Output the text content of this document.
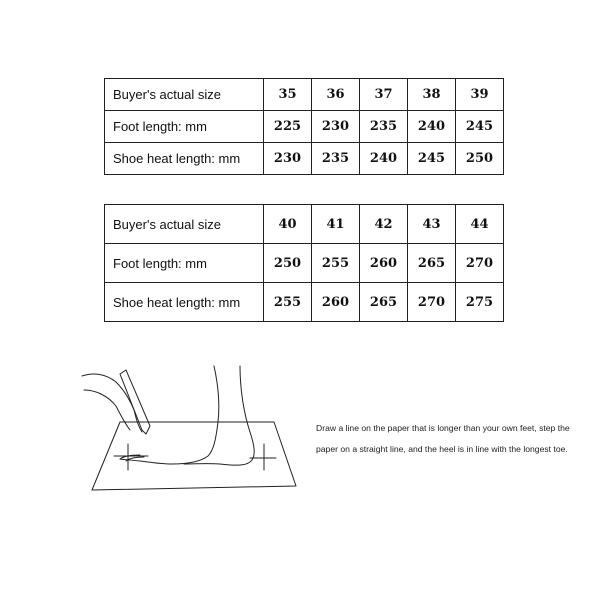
Buyer's actual size	35	36	37	38	39
Foot length: mm	225	230	235	240	245
Shoe heat length: mm	230	235	240	245	250
Buyer's actual size	40	41	42	43	44
Foot length: mm	250	255	260	265	270
Shoe heat length: mm	255	260	265	270	275
Draw a line on the paper that is longer than your own feet, step the paper on a straight line, and the heel is in line with the longest toe.
